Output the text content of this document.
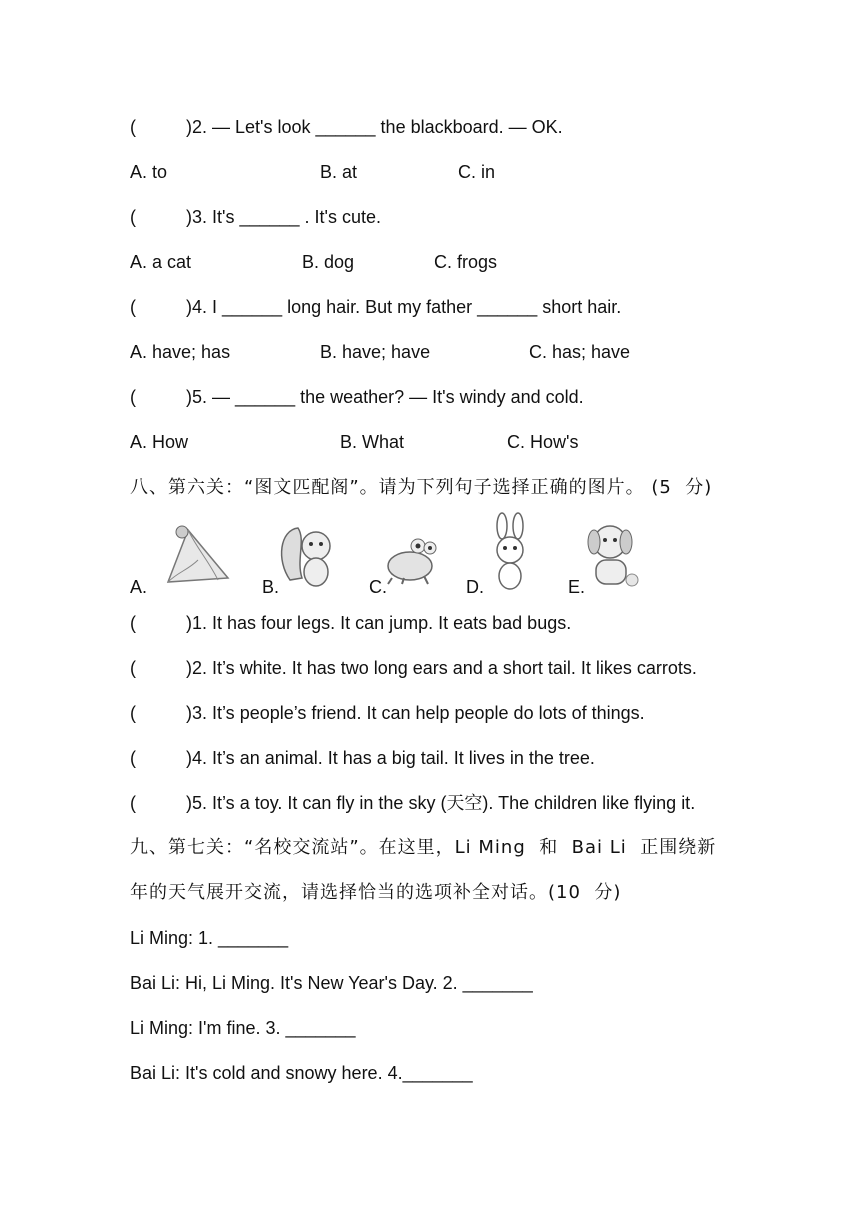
(          )2. — Let's look ______ the blackboard. — OK.
A. to	B. at	C. in
(          )3. It's ______ . It's cute.
A. a cat	B. dog	C. frogs
(          )4. I ______ long hair. But my father ______ short hair.
A. have; has	B. have; have	C. has; have
(          )5. — ______ the weather? — It's windy and cold.
A. How	B. What	C. How's
八、第六关：“图文匹配阁”。请为下列句子选择正确的图片。 (5  分)
A.	B.	C.	D.	E.
(          )1. It has four legs. It can jump. It eats bad bugs.
(          )2. It’s white. It has two long ears and a short tail. It likes carrots.
(          )3. It’s people’s friend. It can help people do lots of things.
(          )4. It’s an animal. It has a big tail. It lives in the tree.
(          )5. It’s a toy. It can fly in the sky (天空). The children like flying it.
九、第七关：“名校交流站”。在这里，Li Ming  和  Bai Li  正围绕新
年的天气展开交流，请选择恰当的选项补全对话。(10  分)
Li Ming: 1. _______
Bai Li: Hi, Li Ming. It's New Year's Day. 2. _______
Li Ming: I'm fine. 3. _______
Bai Li: It's cold and snowy here. 4._______
